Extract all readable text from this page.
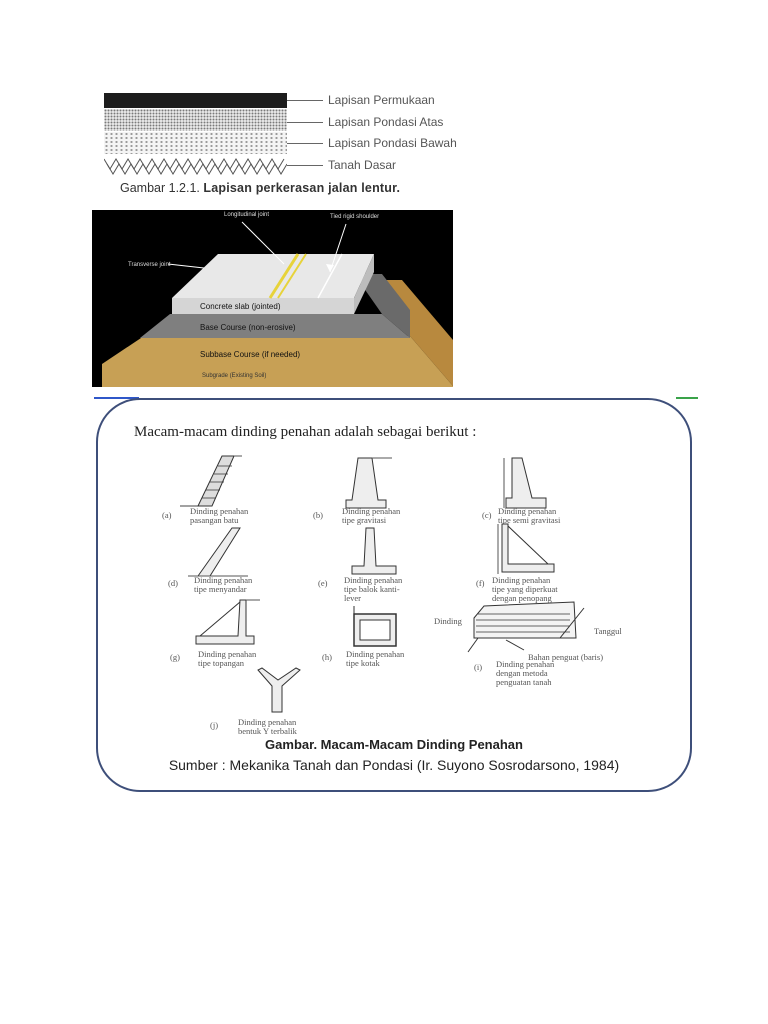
Lapisan Permukaan
Lapisan Pondasi Atas
Lapisan Pondasi Bawah
Tanah Dasar
Gambar 1.2.1. Lapisan perkerasan jalan lentur.
Longitudinal joint	Tied rigid shoulder
Transverse joint
Concrete slab (jointed)
Base Course (non-erosive)
Subbase Course (if needed)
Subgrade (Existing Soil)
Macam-macam dinding penahan adalah sebagai berikut :
(a) Dinding penahan
pasangan batu	(b) Dinding penahan
tipe gravitasi	(c) Dinding penahan
tipe semi gravitasi
(d) Dinding penahan
tipe menyandar
(e) Dinding penahan
tipe balok kanti-
lever
(f) Dinding penahan
tipe yang diperkuat
dengan penopang
(g) Dinding penahan
tipe topangan
(h) Dinding penahan
tipe kotak
Dinding
Tanggul
Bahan penguat (baris)
(i) Dinding penahan
dengan metoda
penguatan tanah
(j) Dinding penahan
bentuk Y terbalik
Gambar. Macam-Macam Dinding Penahan
Sumber : Mekanika Tanah dan Pondasi (Ir. Suyono Sosrodarsono, 1984)
